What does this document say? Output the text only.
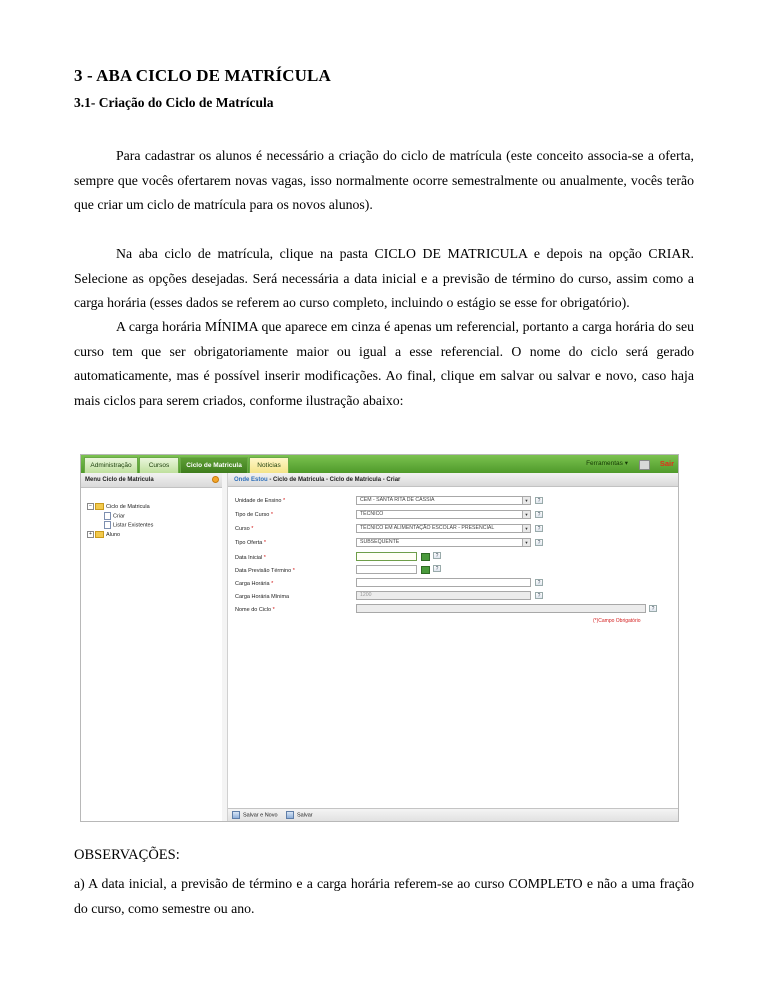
3 - ABA CICLO DE MATRÍCULA
3.1- Criação do Ciclo de Matrícula

Para cadastrar os alunos é necessário a criação do ciclo de matrícula (este conceito associa-se a oferta, sempre que vocês ofertarem novas vagas, isso normalmente ocorre semestralmente ou anualmente, vocês terão que criar um ciclo de matrícula para os novos alunos).

Na aba ciclo de matrícula, clique na pasta CICLO DE MATRICULA e depois na opção CRIAR. Selecione as opções desejadas. Será necessária a data inicial e a previsão de término do curso, assim como a carga horária (esses dados se referem ao curso completo, incluindo o estágio se esse for obrigatório).

A carga horária MÍNIMA que aparece em cinza é apenas um referencial, portanto a carga horária do seu curso tem que ser obrigatoriamente maior ou igual a esse referencial. O nome do ciclo será gerado automaticamente, mas é possível inserir modificações. Ao final, clique em salvar ou salvar e novo, caso haja mais ciclos para serem criados, conforme ilustração abaixo:

Administração	Cursos	Ciclo de Matricula	Notícias	Ferramentas ▾	Sair
Menu Ciclo de Matricula
−	Ciclo de Matricula
Criar
Listar Existentes
+	Aluno
Onde Estou - Ciclo de Matricula - Ciclo de Matricula - Criar
Unidade de Ensino *	CEM - SANTA RITA DE CÁSSIA	▼	?
Tipo de Curso *	TÉCNICO	▼	?
Curso *	TÉCNICO EM ALIMENTAÇÃO ESCOLAR - PRESENCIAL	▼	?
Tipo Oferta *	SUBSEQUENTE	▼	?
Data Inicial *	?
Data Previsão Término *	?
Carga Horária *	?
Carga Horária Mínima	1200	?
Nome do Ciclo *	?
(*)Campo Obrigatório
Salvar e Novo	Salvar

OBSERVAÇÕES:

a) A data inicial, a previsão de término e a carga horária referem-se ao curso COMPLETO e não a uma fração do curso, como semestre ou ano.
